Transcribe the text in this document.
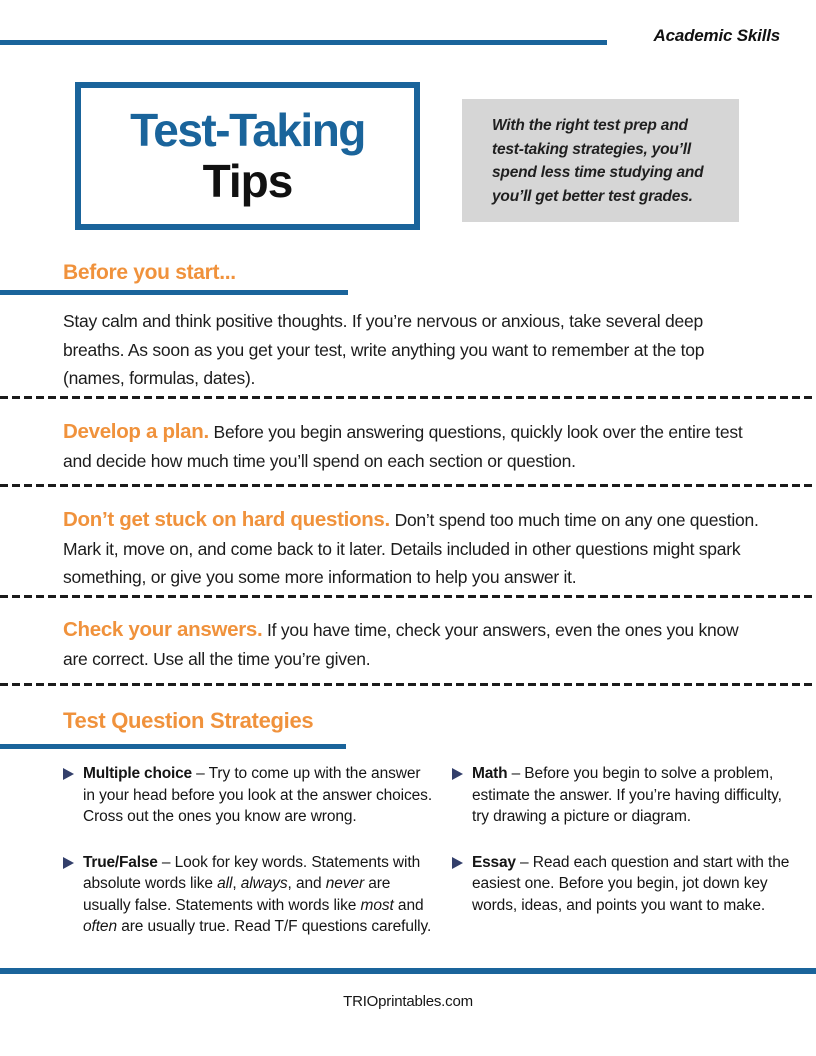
Academic Skills
Test-Taking
Tips

With the right test prep and test-taking strategies, you’ll spend less time studying and you’ll get better test grades.

Before you start...

Stay calm and think positive thoughts. If you’re nervous or anxious, take several deep breaths. As soon as you get your test, write anything you want to remember at the top (names, formulas, dates).

Develop a plan. Before you begin answering questions, quickly look over the entire test and decide how much time you’ll spend on each section or question.

Don’t get stuck on hard questions. Don’t spend too much time on any one question. Mark it, move on, and come back to it later. Details included in other questions might spark something, or give you some more information to help you answer it.

Check your answers. If you have time, check your answers, even the ones you know are correct. Use all the time you’re given.

Test Question Strategies
Multiple choice – Try to come up with the answer in your head before you look at the answer choices. Cross out the ones you know are wrong.
True/False – Look for key words. Statements with absolute words like all, always, and never are usually false. Statements with words like most and often are usually true. Read T/F questions carefully.
Math – Before you begin to solve a problem, estimate the answer. If you’re having difficulty, try drawing a picture or diagram.
Essay – Read each question and start with the easiest one. Before you begin, jot down key words, ideas, and points you want to make.
TRIOprintables.com
